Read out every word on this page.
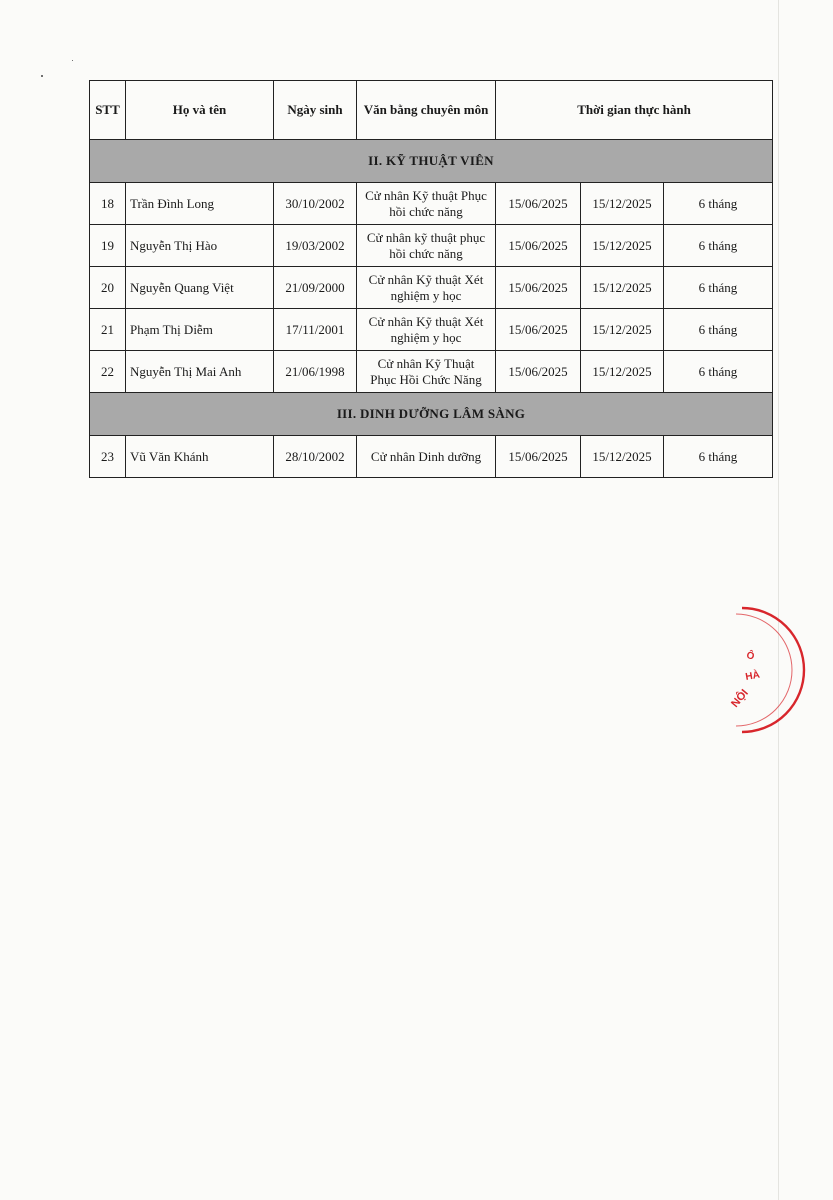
STT	Họ và tên	Ngày sinh	Văn bằng chuyên môn	Thời gian thực hành		
II. KỸ THUẬT VIÊN						
18	Trần Đình Long	30/10/2002	Cử nhân Kỹ thuật Phục
hồi chức năng	15/06/2025	15/12/2025	6 tháng
19	Nguyễn Thị Hào	19/03/2002	Cử nhân kỹ thuật phục
hồi chức năng	15/06/2025	15/12/2025	6 tháng
20	Nguyễn Quang Việt	21/09/2000	Cử nhân Kỹ thuật Xét
nghiệm y học	15/06/2025	15/12/2025	6 tháng
21	Phạm Thị Diễm	17/11/2001	Cử nhân Kỹ thuật Xét
nghiệm y học	15/06/2025	15/12/2025	6 tháng
22	Nguyễn Thị Mai Anh	21/06/1998	Cử nhân Kỹ Thuật
Phục Hồi Chức Năng	15/06/2025	15/12/2025	6 tháng
III. DINH DƯỠNG LÂM SÀNG						
23	Vũ Văn Khánh	28/10/2002	Cử nhân Dinh dưỡng	15/06/2025	15/12/2025	6 tháng
Ô
HÀ
NỘI
